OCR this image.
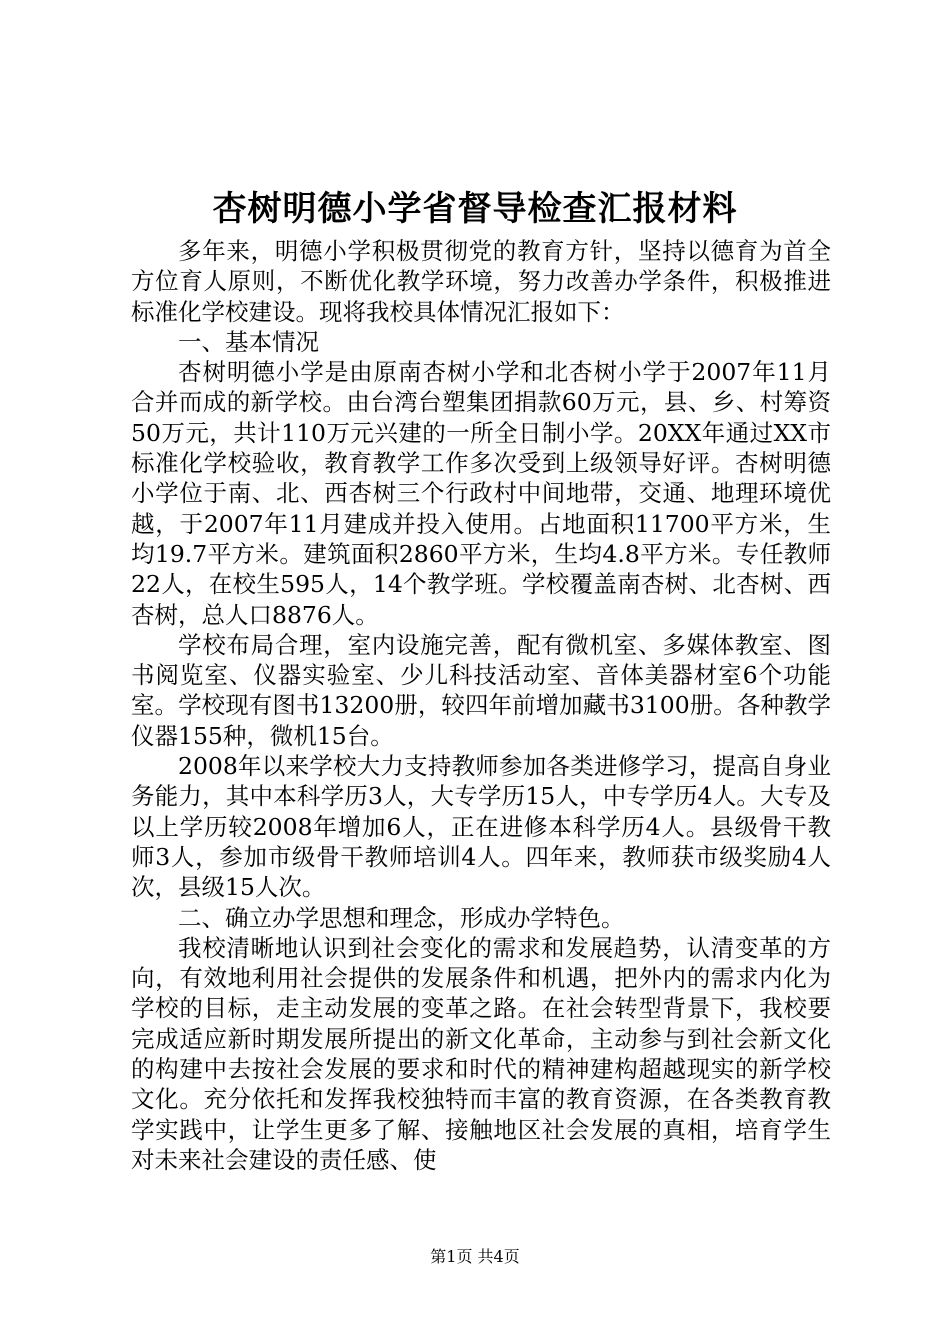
杏树明德小学省督导检查汇报材料

多年来，明德小学积极贯彻党的教育方针，坚持以德育为首全方位育人原则，不断优化教学环境，努力改善办学条件，积极推进标准化学校建设。现将我校具体情况汇报如下：

一、基本情况

杏树明德小学是由原南杏树小学和北杏树小学于2007年11月合并而成的新学校。由台湾台塑集团捐款60万元，县、乡、村筹资50万元，共计110万元兴建的一所全日制小学。20XX年通过XX市标准化学校验收，教育教学工作多次受到上级领导好评。杏树明德小学位于南、北、西杏树三个行政村中间地带，交通、地理环境优越，于2007年11月建成并投入使用。占地面积11700平方米，生均19.7平方米。建筑面积2860平方米，生均4.8平方米。专任教师22人，在校生595人，14个教学班。学校覆盖南杏树、北杏树、西杏树，总人口8876人。

学校布局合理，室内设施完善，配有微机室、多媒体教室、图书阅览室、仪器实验室、少儿科技活动室、音体美器材室6个功能室。学校现有图书13200册，较四年前增加藏书3100册。各种教学仪器155种，微机15台。

2008年以来学校大力支持教师参加各类进修学习，提高自身业务能力，其中本科学历3人，大专学历15人，中专学历4人。大专及以上学历较2008年增加6人，正在进修本科学历4人。县级骨干教师3人，参加市级骨干教师培训4人。四年来，教师获市级奖励4人次，县级15人次。

二、确立办学思想和理念，形成办学特色。

我校清晰地认识到社会变化的需求和发展趋势，认清变革的方向，有效地利用社会提供的发展条件和机遇，把外内的需求内化为学校的目标，走主动发展的变革之路。在社会转型背景下，我校要完成适应新时期发展所提出的新文化革命，主动参与到社会新文化的构建中去按社会发展的要求和时代的精神建构超越现实的新学校文化。充分依托和发挥我校独特而丰富的教育资源，在各类教育教学实践中，让学生更多了解、接触地区社会发展的真相，培育学生对未来社会建设的责任感、使

第1页 共4页
